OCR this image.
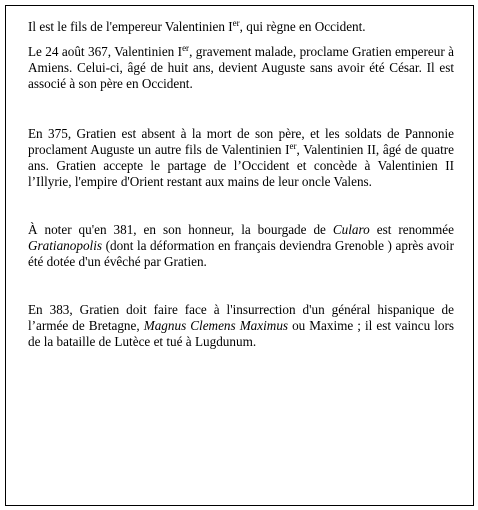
Il est le fils de l'empereur Valentinien Ier, qui règne en Occident.

Le 24 août 367, Valentinien Ier, gravement malade, proclame Gratien empereur à Amiens. Celui-ci, âgé de huit ans, devient Auguste sans avoir été César. Il est associé à son père en Occident.

En 375, Gratien est absent à la mort de son père, et les soldats de Pannonie proclament Auguste un autre fils de Valentinien Ier, Valentinien II, âgé de quatre ans. Gratien accepte le partage de l’Occident et concède à Valentinien II l’Illyrie, l'empire d'Orient restant aux mains de leur oncle Valens.

À noter qu'en 381, en son honneur, la bourgade de Cularo est renommée Gratianopolis (dont la déformation en français deviendra Grenoble ) après avoir été dotée d'un évêché par Gratien.

En 383, Gratien doit faire face à l'insurrection d'un général hispanique de l’armée de Bretagne, Magnus Clemens Maximus ou Maxime ; il est vaincu lors de la bataille de Lutèce et tué à Lugdunum.
